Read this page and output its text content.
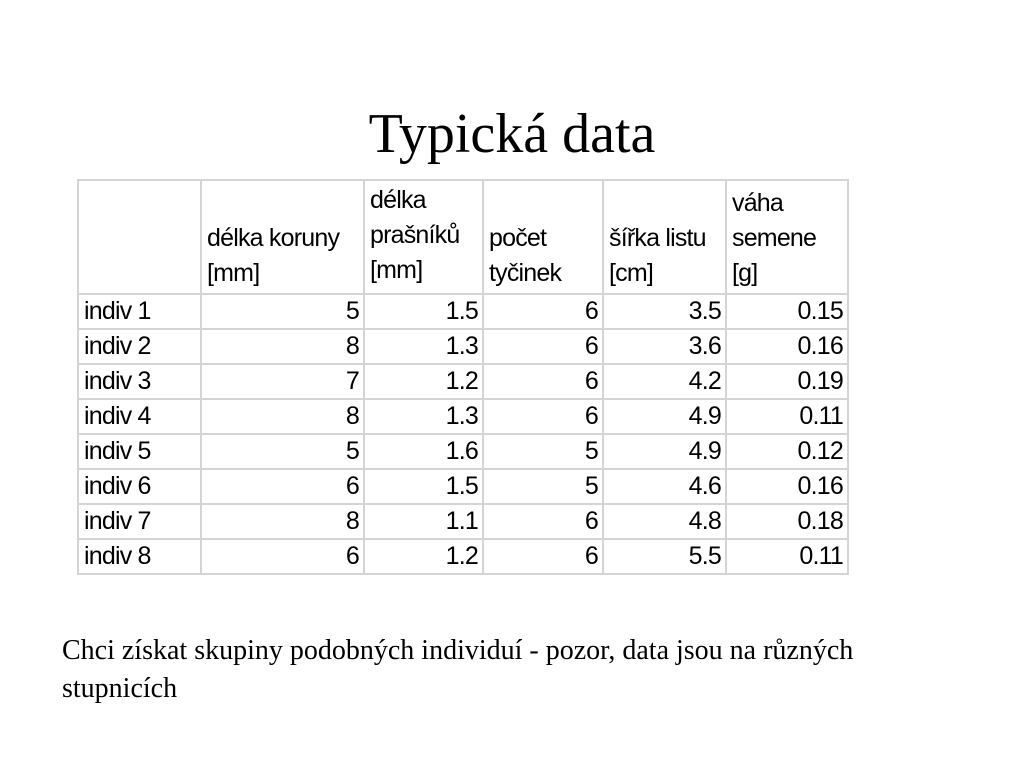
Typická data
	délka koruny [mm]	délka prašníků [mm]	počet tyčinek	šířka listu [cm]	váha semene [g]
indiv 1	5	1.5	6	3.5	0.15
indiv 2	8	1.3	6	3.6	0.16
indiv 3	7	1.2	6	4.2	0.19
indiv 4	8	1.3	6	4.9	0.11
indiv 5	5	1.6	5	4.9	0.12
indiv 6	6	1.5	5	4.6	0.16
indiv 7	8	1.1	6	4.8	0.18
indiv 8	6	1.2	6	5.5	0.11

Chci získat skupiny podobných individuí - pozor, data jsou na různých stupnicích
